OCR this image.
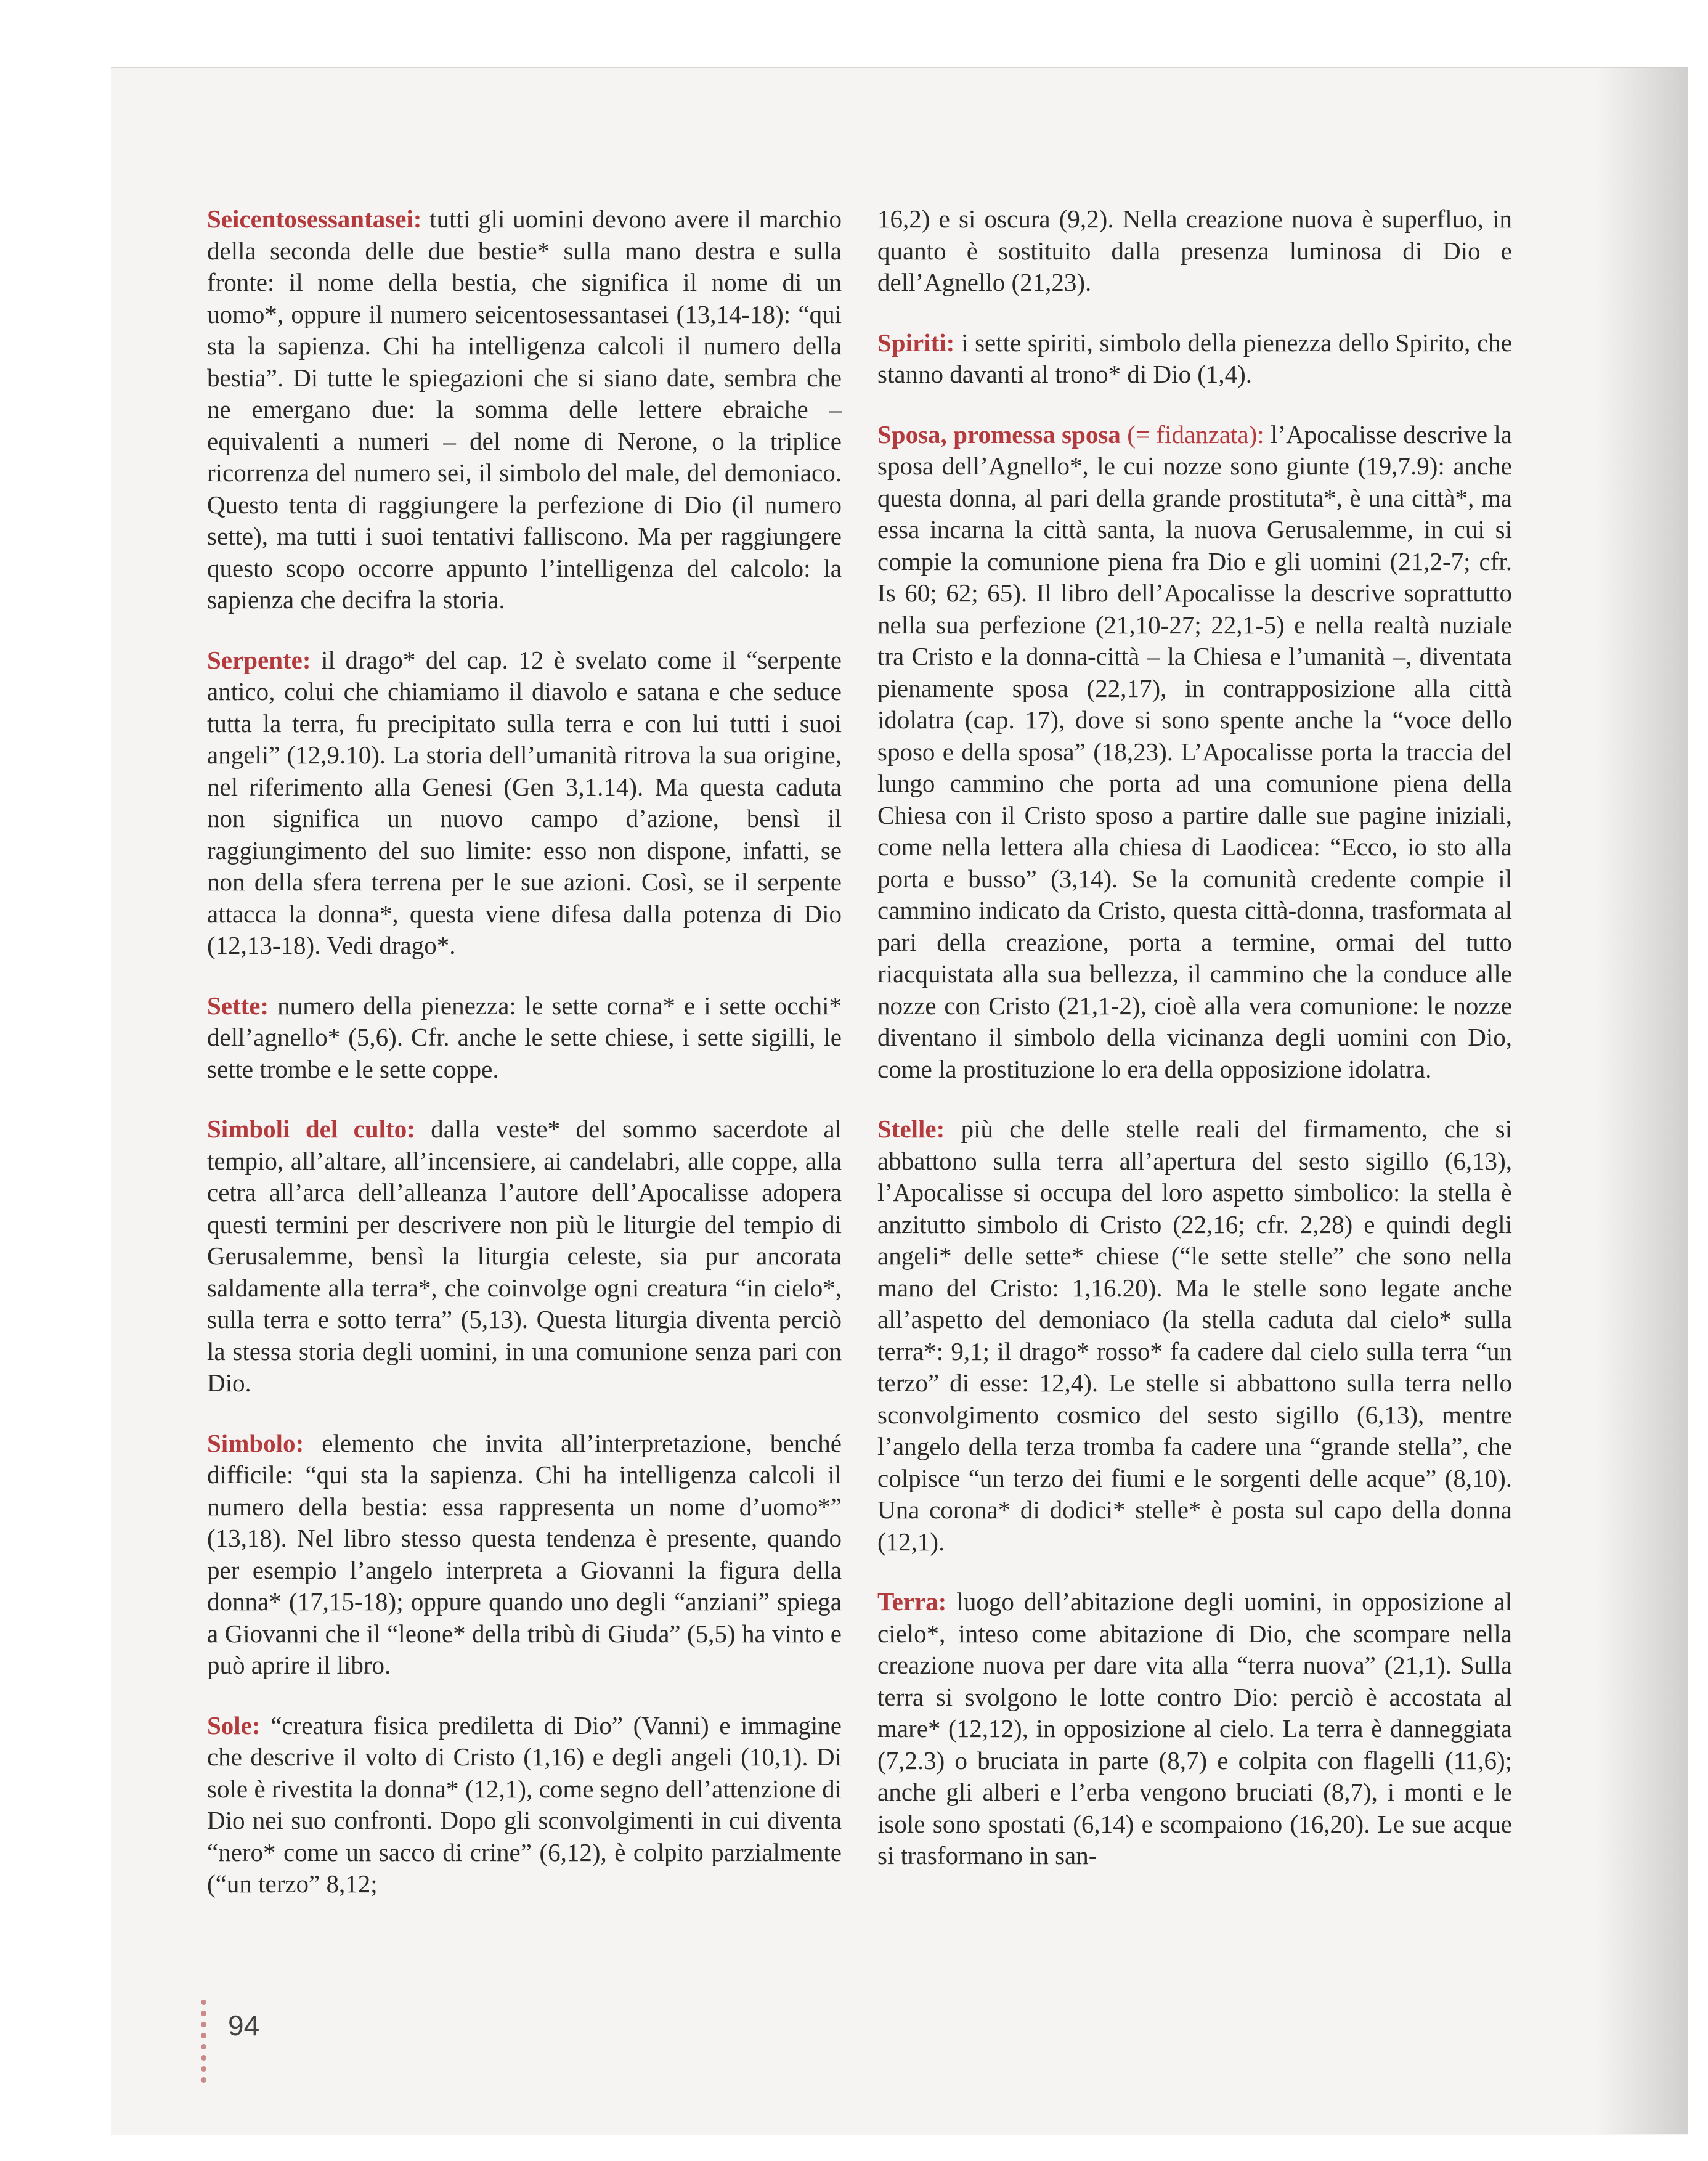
Seicentosessantasei: tutti gli uomini devono avere il marchio della seconda delle due bestie* sulla mano destra e sulla fronte: il nome della bestia, che significa il nome di un uomo*, oppure il numero seicentosessantasei (13,14-18): “qui sta la sapienza. Chi ha intelligenza calcoli il numero della bestia”. Di tutte le spiegazioni che si siano date, sembra che ne emergano due: la somma delle lettere ebraiche – equivalenti a numeri – del nome di Nerone, o la triplice ricorrenza del numero sei, il simbolo del male, del demoniaco. Questo tenta di raggiungere la perfezione di Dio (il numero sette), ma tutti i suoi tentativi falliscono. Ma per raggiungere questo scopo occorre appunto l’intelligenza del calcolo: la sapienza che decifra la storia.

Serpente: il drago* del cap. 12 è svelato come il “serpente antico, colui che chiamiamo il diavolo e satana e che seduce tutta la terra, fu precipitato sulla terra e con lui tutti i suoi angeli” (12,9.10). La storia dell’umanità ritrova la sua origine, nel riferimento alla Genesi (Gen 3,1.14). Ma questa caduta non significa un nuovo campo d’azione, bensì il raggiungimento del suo limite: esso non dispone, infatti, se non della sfera terrena per le sue azioni. Così, se il serpente attacca la donna*, questa viene difesa dalla potenza di Dio (12,13-18). Vedi drago*.

Sette: numero della pienezza: le sette corna* e i sette occhi* dell’agnello* (5,6). Cfr. anche le sette chiese, i sette sigilli, le sette trombe e le sette coppe.

Simboli del culto: dalla veste* del sommo sacerdote al tempio, all’altare, all’incensiere, ai candelabri, alle coppe, alla cetra all’arca dell’alleanza l’autore dell’Apocalisse adopera questi termini per descrivere non più le liturgie del tempio di Gerusalemme, bensì la liturgia celeste, sia pur ancorata saldamente alla terra*, che coinvolge ogni creatura “in cielo*, sulla terra e sotto terra” (5,13). Questa liturgia diventa perciò la stessa storia degli uomini, in una comunione senza pari con Dio.

Simbolo: elemento che invita all’interpretazione, benché difficile: “qui sta la sapienza. Chi ha intelligenza calcoli il numero della bestia: essa rappresenta un nome d’uomo*” (13,18). Nel libro stesso questa tendenza è presente, quando per esempio l’angelo interpreta a Giovanni la figura della donna* (17,15-18); oppure quando uno degli “anziani” spiega a Giovanni che il “leone* della tribù di Giuda” (5,5) ha vinto e può aprire il libro.

Sole: “creatura fisica prediletta di Dio” (Vanni) e immagine che descrive il volto di Cristo (1,16) e degli angeli (10,1). Di sole è rivestita la donna* (12,1), come segno dell’attenzione di Dio nei suo confronti. Dopo gli sconvolgimenti in cui diventa “nero* come un sacco di crine” (6,12), è colpito parzialmente (“un terzo” 8,12;

16,2) e si oscura (9,2). Nella creazione nuova è superfluo, in quanto è sostituito dalla presenza luminosa di Dio e dell’Agnello (21,23).

Spiriti: i sette spiriti, simbolo della pienezza dello Spirito, che stanno davanti al trono* di Dio (1,4).

Sposa, promessa sposa (= fidanzata): l’Apocalisse descrive la sposa dell’Agnello*, le cui nozze sono giunte (19,7.9): anche questa donna, al pari della grande prostituta*, è una città*, ma essa incarna la città santa, la nuova Gerusalemme, in cui si compie la comunione piena fra Dio e gli uomini (21,2-7; cfr. Is 60; 62; 65). Il libro dell’Apocalisse la descrive soprattutto nella sua perfezione (21,10-27; 22,1-5) e nella realtà nuziale tra Cristo e la donna-città – la Chiesa e l’umanità –, diventata pienamente sposa (22,17), in contrapposizione alla città idolatra (cap. 17), dove si sono spente anche la “voce dello sposo e della sposa” (18,23). L’Apocalisse porta la traccia del lungo cammino che porta ad una comunione piena della Chiesa con il Cristo sposo a partire dalle sue pagine iniziali, come nella lettera alla chiesa di Laodicea: “Ecco, io sto alla porta e busso” (3,14). Se la comunità credente compie il cammino indicato da Cristo, questa città-donna, trasformata al pari della creazione, porta a termine, ormai del tutto riacquistata alla sua bellezza, il cammino che la conduce alle nozze con Cristo (21,1-2), cioè alla vera comunione: le nozze diventano il simbolo della vicinanza degli uomini con Dio, come la prostituzione lo era della opposizione idolatra.

Stelle: più che delle stelle reali del firmamento, che si abbattono sulla terra all’apertura del sesto sigillo (6,13), l’Apocalisse si occupa del loro aspetto simbolico: la stella è anzitutto simbolo di Cristo (22,16; cfr. 2,28) e quindi degli angeli* delle sette* chiese (“le sette stelle” che sono nella mano del Cristo: 1,16.20). Ma le stelle sono legate anche all’aspetto del demoniaco (la stella caduta dal cielo* sulla terra*: 9,1; il drago* rosso* fa cadere dal cielo sulla terra “un terzo” di esse: 12,4). Le stelle si abbattono sulla terra nello sconvolgimento cosmico del sesto sigillo (6,13), mentre l’angelo della terza tromba fa cadere una “grande stella”, che colpisce “un terzo dei fiumi e le sorgenti delle acque” (8,10). Una corona* di dodici* stelle* è posta sul capo della donna (12,1).

Terra: luogo dell’abitazione degli uomini, in opposizione al cielo*, inteso come abitazione di Dio, che scompare nella creazione nuova per dare vita alla “terra nuova” (21,1). Sulla terra si svolgono le lotte contro Dio: perciò è accostata al mare* (12,12), in opposizione al cielo. La terra è danneggiata (7,2.3) o bruciata in parte (8,7) e colpita con flagelli (11,6); anche gli alberi e l’erba vengono bruciati (8,7), i monti e le isole sono spostati (6,14) e scompaiono (16,20). Le sue acque si trasformano in san-

94
